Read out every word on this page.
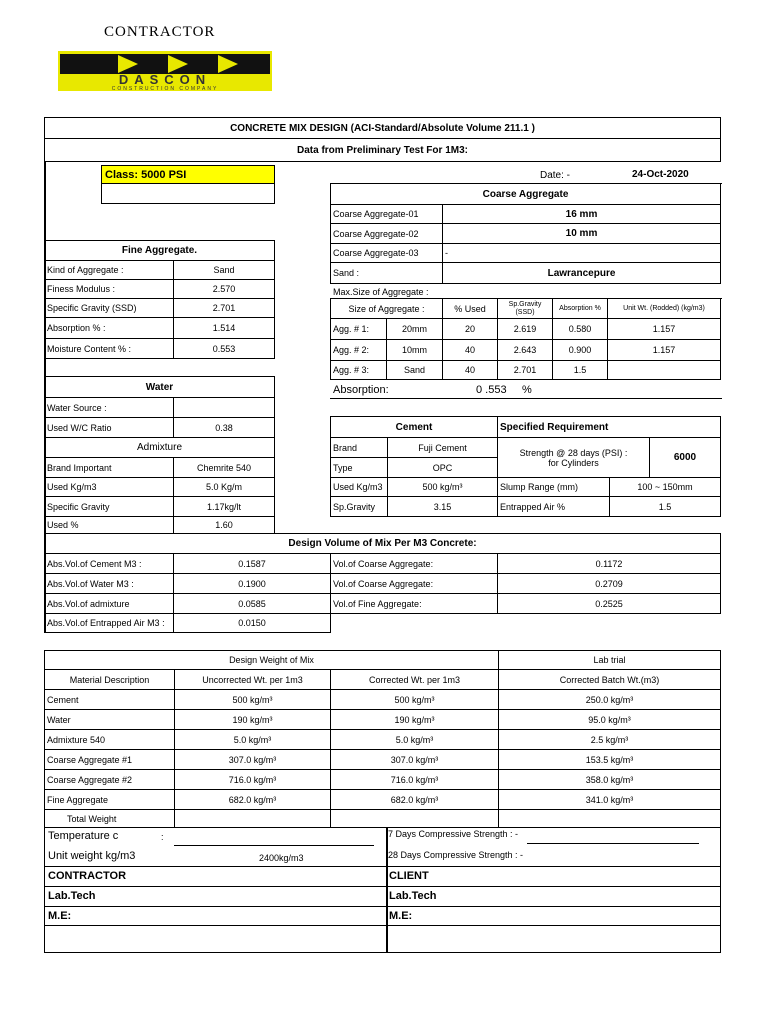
CONTRACTOR
DASCON
CONSTRUCTION COMPANY
CONCRETE MIX DESIGN (ACI-Standard/Absolute Volume 211.1 )
Data from Preliminary Test For 1M3:
Class: 5000 PSI	Date: -	24-Oct-2020
Coarse Aggregate
Coarse Aggregate-01	16 mm
Coarse Aggregate-02	10 mm
Coarse Aggregate-03	-
Sand :	Lawrancepure
Max.Size of Aggregate :
Size of Aggregate :	% Used	Sp.Gravity (SSD)	Absorption %	Unit Wt. (Rodded) (kg/m3)
Agg. # 1:	20mm	20	2.619	0.580	1.157
Agg. # 2:	10mm	40	2.643	0.900	1.157
Agg. # 3:	Sand	40	2.701	1.5
Absorption:	0 .553 %
Fine Aggregate.
Kind of Aggregate :	Sand
Finess Modulus :	2.570
Specific Gravity (SSD)	2.701
Absorption % :	1.514
Moisture Content % :	0.553
Water
Water Source :
Used W/C Ratio	0.38
Admixture
Brand Important	Chemrite 540
Used Kg/m3	5.0 Kg/m
Specific Gravity	1.17kg/lt
Used %	1.60
Cement
Brand	Fuji Cement
Type	OPC
Used Kg/m3	500 kg/m³
Sp.Gravity	3.15
Specified Requirement
Strength @ 28 days (PSI) :
for Cylinders	6000
Slump Range (mm)	100 ~ 150mm
Entrapped Air %	1.5
Design Volume of Mix Per M3 Concrete:
Abs.Vol.of Cement M3 :	0.1587
Abs.Vol.of Water M3 :	0.1900
Abs.Vol.of admixture	0.0585
Abs.Vol.of Entrapped Air M3 :	0.0150
Vol.of Coarse Aggregate:	0.1172
Vol.of Coarse Aggregate:	0.2709
Vol.of Fine Aggregate:	0.2525
Design Weight of Mix	Lab trial
Material Description	Uncorrected Wt. per 1m3	Corrected Wt. per 1m3	Corrected Batch Wt.(m3)
Cement	500 kg/m³	500 kg/m³	250.0 kg/m³
Water	190 kg/m³	190 kg/m³	95.0 kg/m³
Admixture 540	5.0 kg/m³	5.0 kg/m³	2.5 kg/m³
Coarse Aggregate #1	307.0 kg/m³	307.0 kg/m³	153.5 kg/m³
Coarse Aggregate #2	716.0 kg/m³	716.0 kg/m³	358.0 kg/m³
Fine Aggregate	682.0 kg/m³	682.0 kg/m³	341.0 kg/m³
Total Weight
Temperature c	:
Unit weight kg/m3	2400kg/m3
7 Days Compressive Strength : -
28 Days Compressive Strength : -
CONTRACTOR
Lab.Tech
M.E:
CLIENT
Lab.Tech
M.E:
